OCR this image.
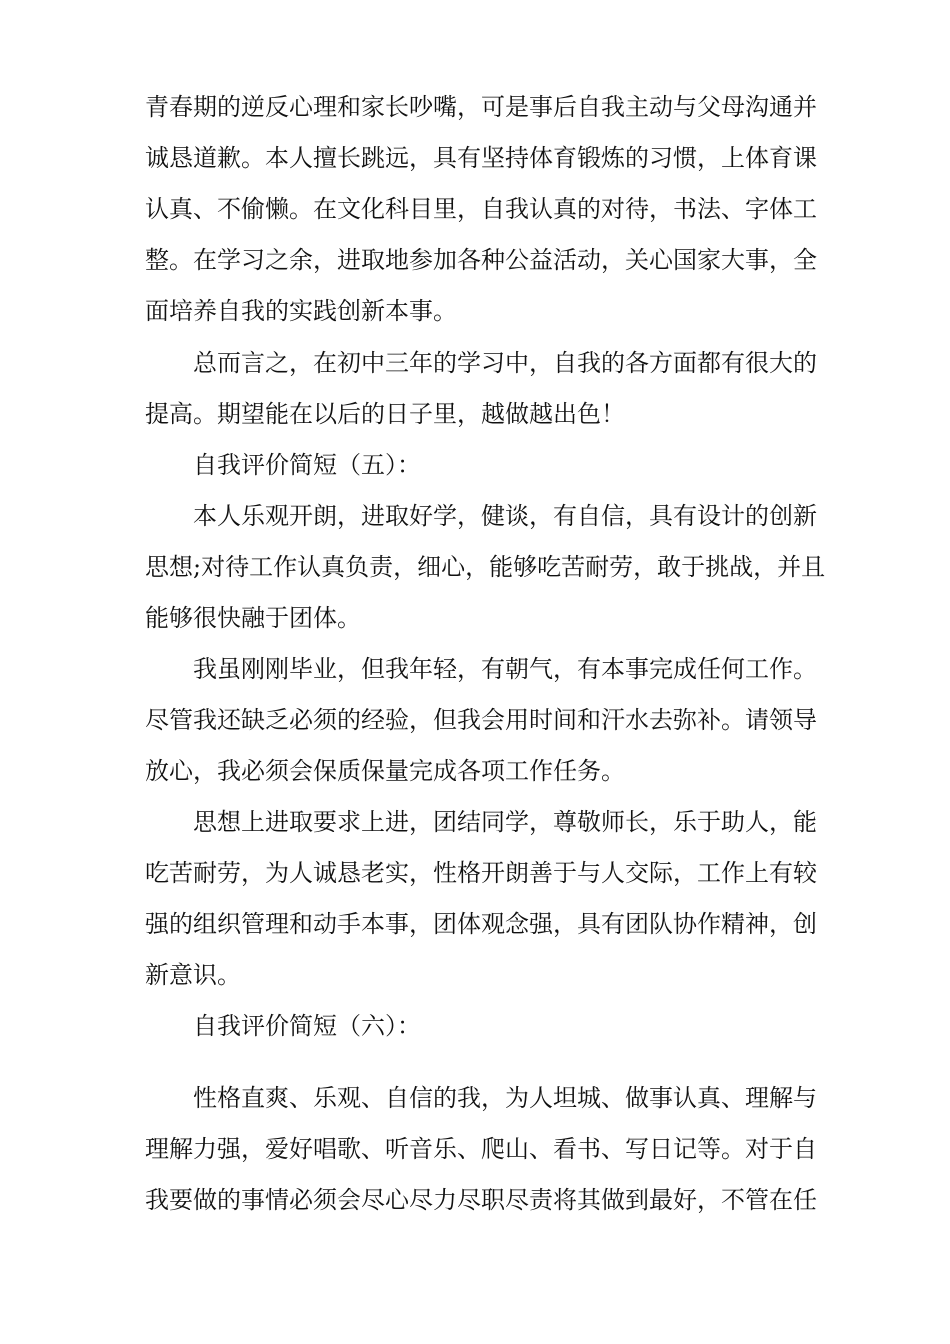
青春期的逆反心理和家长吵嘴，可是事后自我主动与父母沟通并

诚恳道歉。本人擅长跳远，具有坚持体育锻炼的习惯，上体育课

认真、不偷懒。在文化科目里，自我认真的对待，书法、字体工

整。在学习之余，进取地参加各种公益活动，关心国家大事，全

面培养自我的实践创新本事。

总而言之，在初中三年的学习中，自我的各方面都有很大的

提高。期望能在以后的日子里，越做越出色！

自我评价简短（五）：

本人乐观开朗，进取好学，健谈，有自信，具有设计的创新

思想;对待工作认真负责，细心，能够吃苦耐劳，敢于挑战，并且

能够很快融于团体。

我虽刚刚毕业，但我年轻，有朝气，有本事完成任何工作。

尽管我还缺乏必须的经验，但我会用时间和汗水去弥补。请领导

放心，我必须会保质保量完成各项工作任务。

思想上进取要求上进，团结同学，尊敬师长，乐于助人，能

吃苦耐劳，为人诚恳老实，性格开朗善于与人交际，工作上有较

强的组织管理和动手本事，团体观念强，具有团队协作精神，创

新意识。

自我评价简短（六）：

性格直爽、乐观、自信的我，为人坦城、做事认真、理解与

理解力强，爱好唱歌、听音乐、爬山、看书、写日记等。对于自

我要做的事情必须会尽心尽力尽职尽责将其做到最好，不管在任
